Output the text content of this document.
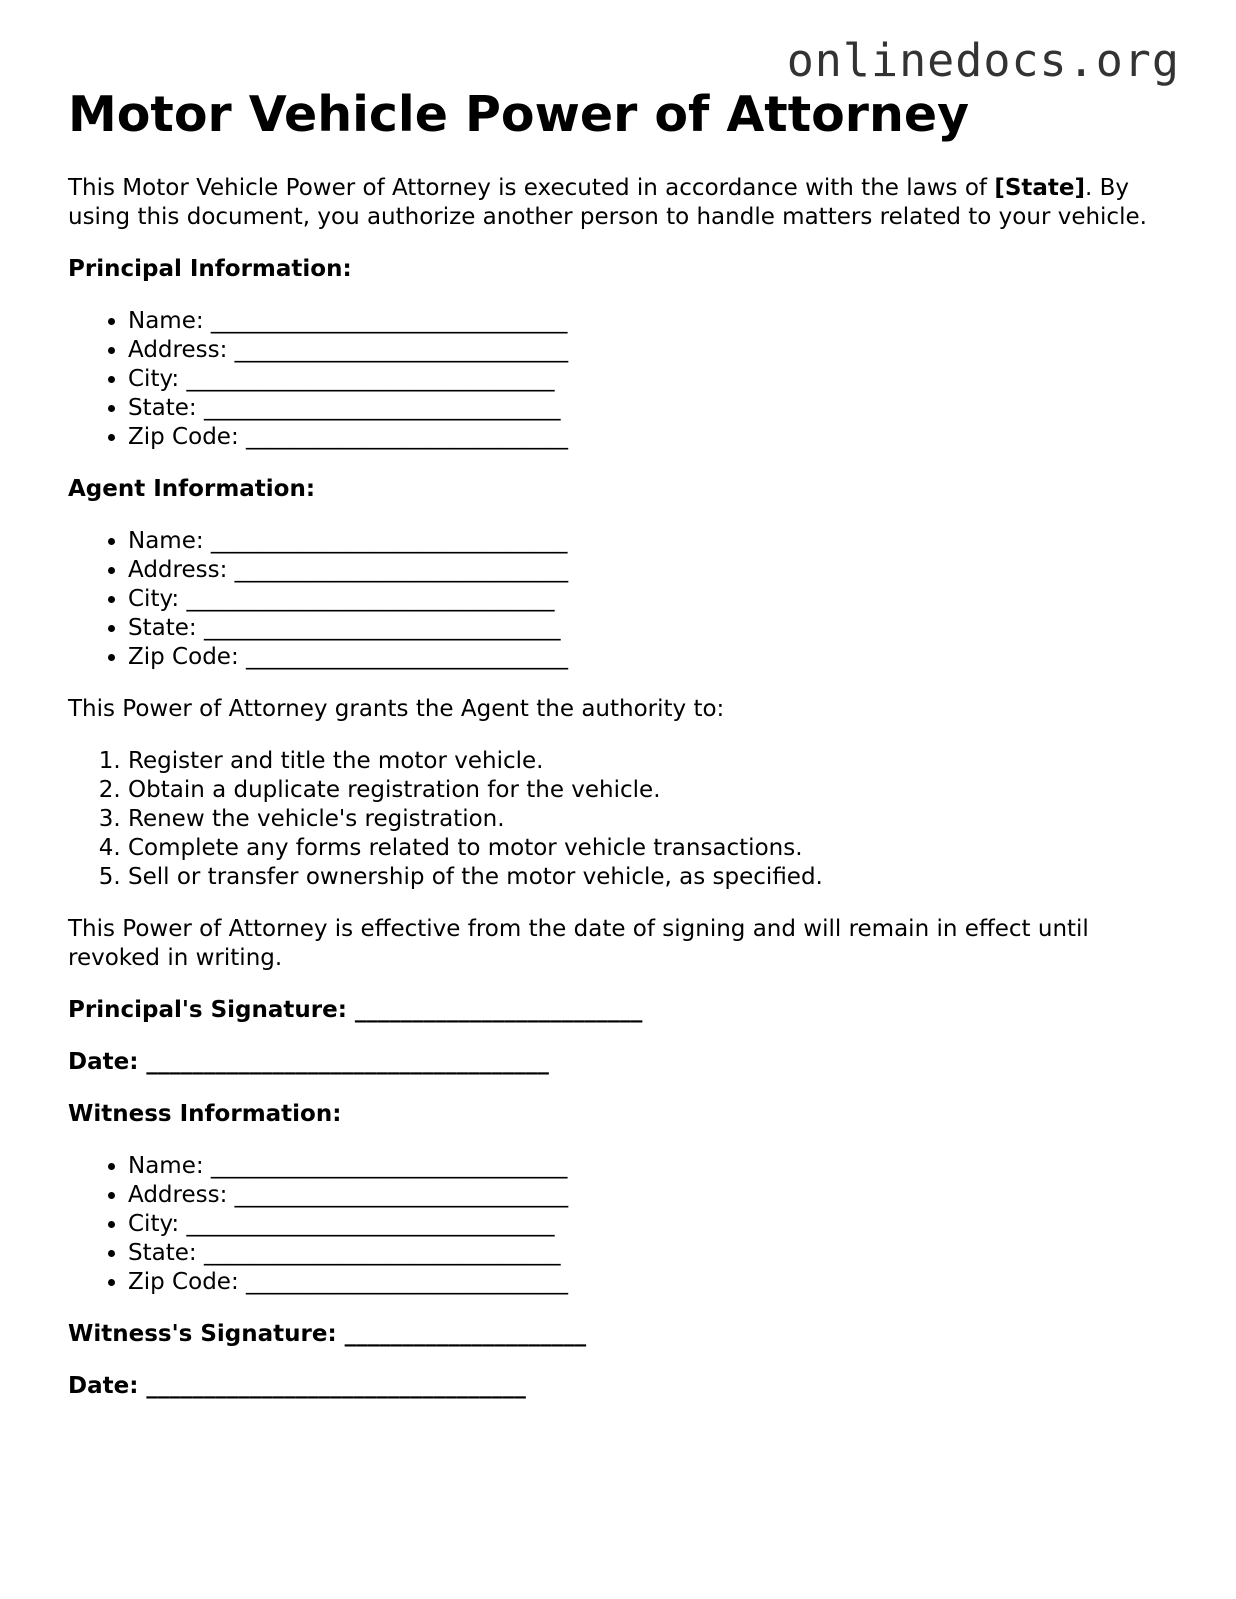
onlinedocs.org
Motor Vehicle Power of Attorney

This Motor Vehicle Power of Attorney is executed in accordance with the laws of [State]. By using this document, you authorize another person to handle matters related to your vehicle.

Principal Information:

• Name: _______________________________
• Address: _____________________________
• City: ________________________________
• State: _______________________________
• Zip Code: ____________________________

Agent Information:

• Name: _______________________________
• Address: _____________________________
• City: ________________________________
• State: _______________________________
• Zip Code: ____________________________

This Power of Attorney grants the Agent the authority to:

1. Register and title the motor vehicle.
2. Obtain a duplicate registration for the vehicle.
3. Renew the vehicle's registration.
4. Complete any forms related to motor vehicle transactions.
5. Sell or transfer ownership of the motor vehicle, as specified.

This Power of Attorney is effective from the date of signing and will remain in effect until revoked in writing.

Principal's Signature: _________________________

Date: ___________________________________

Witness Information:

• Name: _______________________________
• Address: _____________________________
• City: ________________________________
• State: _______________________________
• Zip Code: ____________________________

Witness's Signature: _____________________

Date: _________________________________
